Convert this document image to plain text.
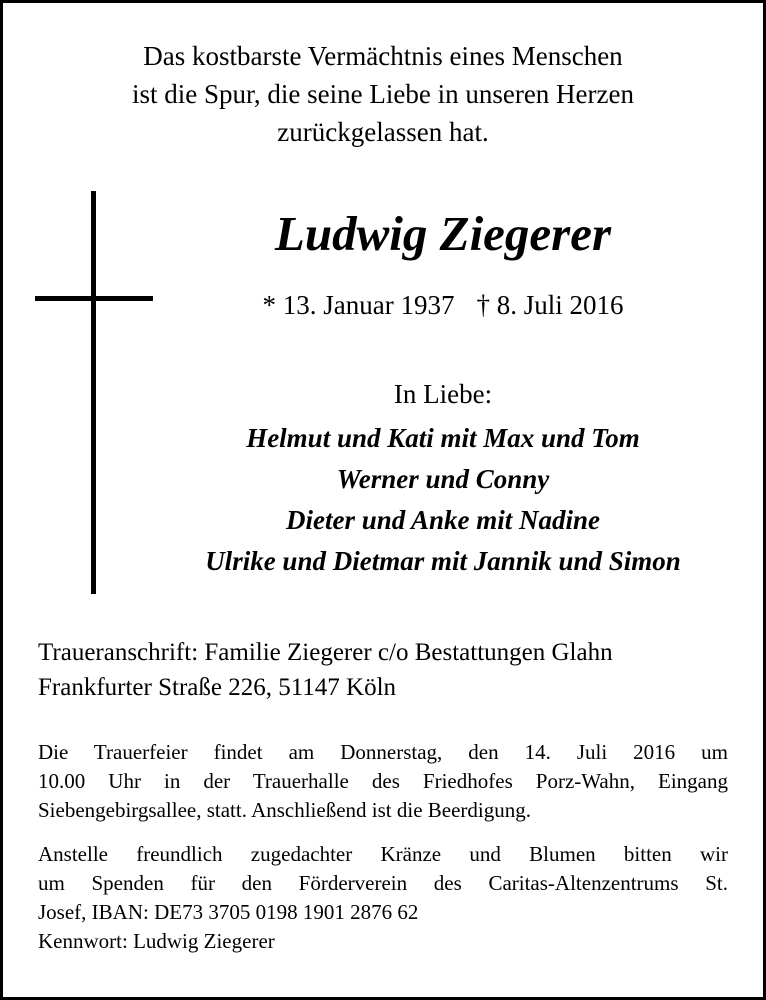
Das kostbarste Vermächtnis eines Menschen
ist die Spur, die seine Liebe in unseren Herzen
zurückgelassen hat.
Ludwig Ziegerer
* 13. Januar 1937 † 8. Juli 2016
In Liebe:
Helmut und Kati mit Max und Tom
Werner und Conny
Dieter und Anke mit Nadine
Ulrike und Dietmar mit Jannik und Simon
Traueranschrift: Familie Ziegerer c/o Bestattungen Glahn
Frankfurter Straße 226, 51147 Köln
Die Trauerfeier findet am Donnerstag, den 14. Juli 2016 um
10.00 Uhr in der Trauerhalle des Friedhofes Porz-Wahn, Eingang
Siebengebirgsallee, statt. Anschließend ist die Beerdigung.
Anstelle freundlich zugedachter Kränze und Blumen bitten wir
um Spenden für den Förderverein des Caritas-Altenzentrums St.
Josef, IBAN: DE73 3705 0198 1901 2876 62
Kennwort: Ludwig Ziegerer
